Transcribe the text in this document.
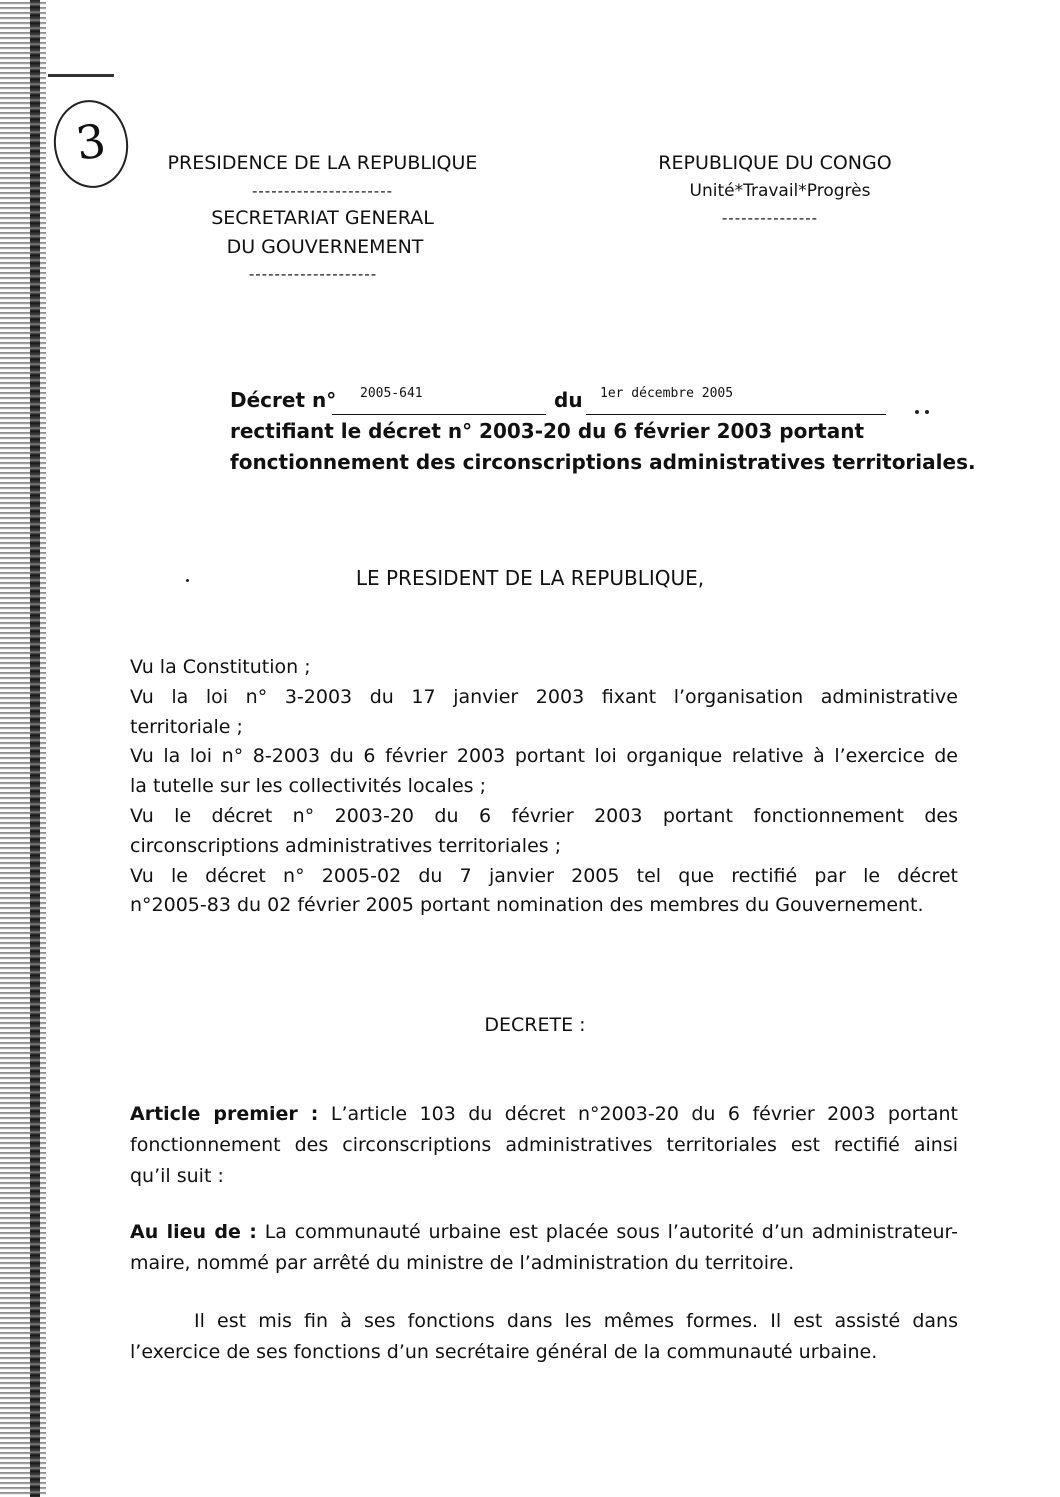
3	PRESIDENCE DE LA REPUBLIQUE
----------------------
SECRETARIAT GENERAL
DU GOUVERNEMENT
--------------------
REPUBLIQUE DU CONGO
Unité*Travail*Progrès
---------------
Décret n° 2005-641	du 1er décembre 2005
rectifiant le décret n° 2003-20 du 6 février 2003 portant
fonctionnement des circonscriptions administratives territoriales.
LE PRESIDENT DE LA REPUBLIQUE,

Vu la Constitution ;

Vu la loi n° 3-2003 du 17 janvier 2003 fixant l’organisation administrative

territoriale ;

Vu la loi n° 8-2003 du 6 février 2003 portant loi organique relative à l’exercice de

la tutelle sur les collectivités locales ;

Vu le décret n° 2003-20 du 6 février 2003 portant fonctionnement des

circonscriptions administratives territoriales ;

Vu le décret n° 2005-02 du 7 janvier 2005 tel que rectifié par le décret

n°2005-83 du 02 février 2005 portant nomination des membres du Gouvernement.

DECRETE :

Article premier : L’article 103 du décret n°2003-20 du 6 février 2003 portant

fonctionnement des circonscriptions administratives territoriales est rectifié ainsi

qu’il suit :

Au lieu de : La communauté urbaine est placée sous l’autorité d’un administrateur-

maire, nommé par arrêté du ministre de l’administration du territoire.

Il est mis fin à ses fonctions dans les mêmes formes. Il est assisté dans

l’exercice de ses fonctions d’un secrétaire général de la communauté urbaine.
